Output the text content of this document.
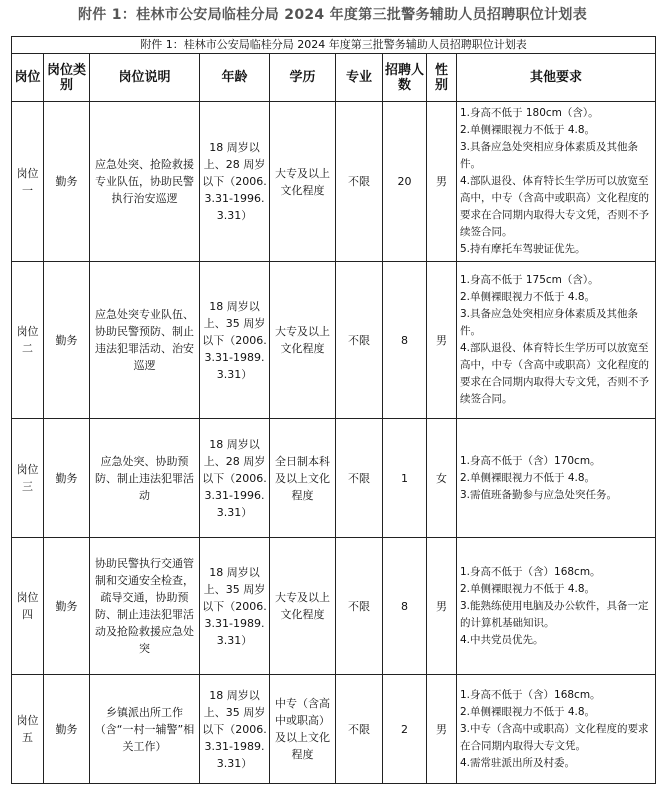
附件 1：桂林市公安局临桂分局 2024 年度第三批警务辅助人员招聘职位计划表
附件 1：桂林市公安局临桂分局 2024 年度第三批警务辅助人员招聘职位计划表								
岗位	岗位类别	岗位说明	年龄	学历	专业	招聘人数	性别	其他要求
岗位一	勤务	应急处突、抢险救援专业队伍，协助民警执行治安巡逻	18 周岁以上、28 周岁以下（2006.3.31-1996.3.31）	大专及以上文化程度	不限	20	男	1.身高不低于 180cm（含）。
2.单侧裸眼视力不低于 4.8。
3.具备应急处突相应身体素质及其他条件。
4.部队退役、体育特长生学历可以放宽至高中，中专（含高中或职高）文化程度的要求在合同期内取得大专文凭，否则不予续签合同。
5.持有摩托车驾驶证优先。

岗位二	勤务	应急处突专业队伍、协助民警预防、制止违法犯罪活动、治安巡逻	18 周岁以上、35 周岁以下（2006.3.31-1989.3.31）	大专及以上文化程度	不限	8	男	1.身高不低于 175cm（含）。
2.单侧裸眼视力不低于 4.8。
3.具备应急处突相应身体素质及其他条件。
4.部队退役、体育特长生学历可以放宽至高中，中专（含高中或职高）文化程度的要求在合同期内取得大专文凭，否则不予续签合同。

岗位三	勤务	应急处突、协助预防、制止违法犯罪活动	18 周岁以上、28 周岁以下（2006.3.31-1996.3.31）	全日制本科及以上文化程度	不限	1	女	1.身高不低于（含）170cm。
2.单侧裸眼视力不低于 4.8。
3.需值班备勤参与应急处突任务。

岗位四	勤务	协助民警执行交通管制和交通安全检查，疏导交通，协助预防、制止违法犯罪活动及抢险救援应急处突	18 周岁以上、35 周岁以下（2006.3.31-1989.3.31）	大专及以上文化程度	不限	8	男	1.身高不低于（含）168cm。
2.单侧裸眼视力不低于 4.8。
3.能熟练使用电脑及办公软件，具备一定的计算机基础知识。
4.中共党员优先。

岗位五	勤务	乡镇派出所工作（含“一村一辅警”相关工作）	18 周岁以上、35 周岁以下（2006.3.31-1989.3.31）	中专（含高中或职高）及以上文化程度	不限	2	男	1.身高不低于（含）168cm。
2.单侧裸眼视力不低于 4.8。
3.中专（含高中或职高）文化程度的要求在合同期内取得大专文凭。
4.需常驻派出所及村委。
